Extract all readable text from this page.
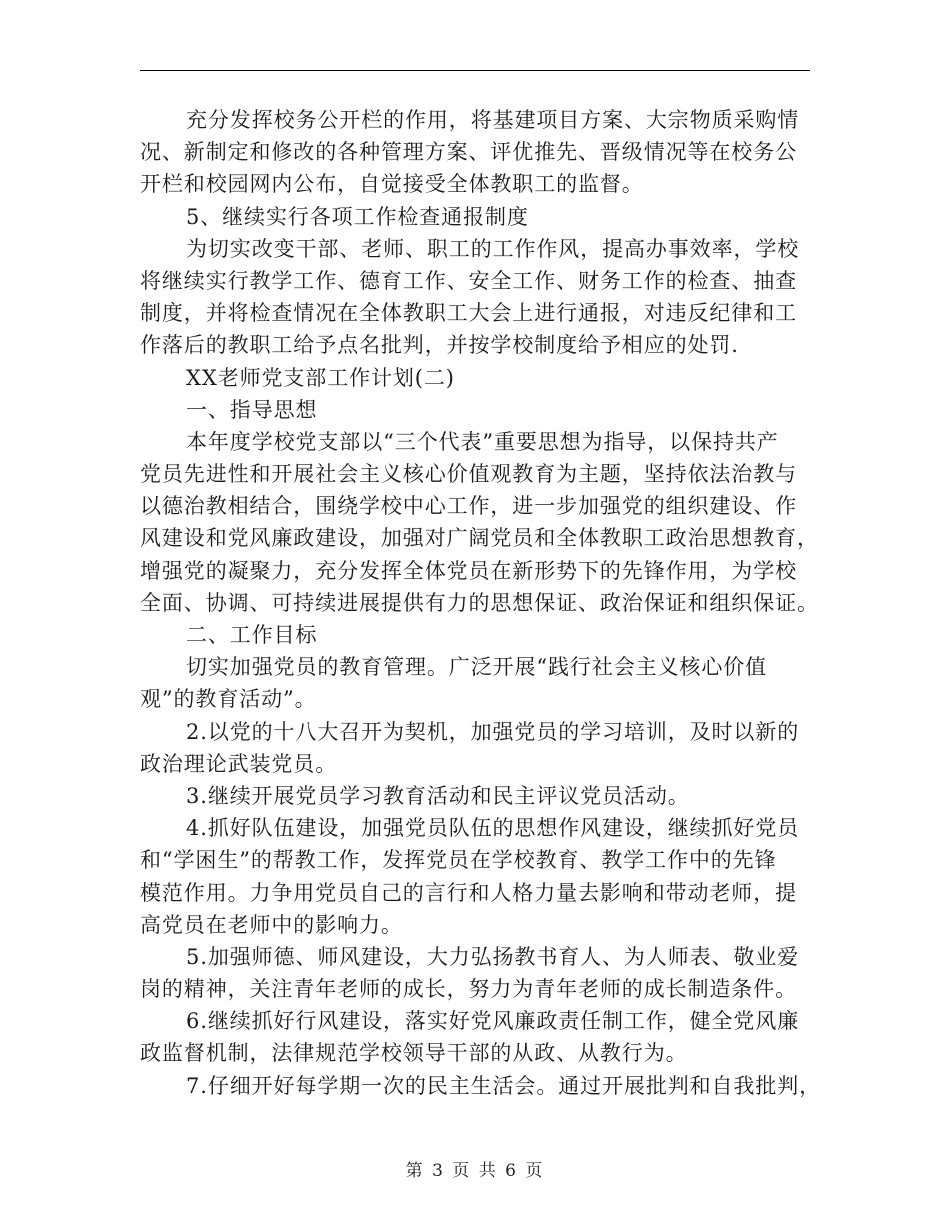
充分发挥校务公开栏的作用，将基建项目方案、大宗物质采购情
况、新制定和修改的各种管理方案、评优推先、晋级情况等在校务公
开栏和校园网内公布，自觉接受全体教职工的监督。
5、继续实行各项工作检查通报制度
为切实改变干部、老师、职工的工作作风，提高办事效率，学校
将继续实行教学工作、德育工作、安全工作、财务工作的检查、抽查
制度，并将检查情况在全体教职工大会上进行通报，对违反纪律和工
作落后的教职工给予点名批判，并按学校制度给予相应的处罚.
XX老师党支部工作计划(二)
一、指导思想
本年度学校党支部以“三个代表”重要思想为指导，以保持共产
党员先进性和开展社会主义核心价值观教育为主题，坚持依法治教与
以德治教相结合，围绕学校中心工作，进一步加强党的组织建设、作
风建设和党风廉政建设，加强对广阔党员和全体教职工政治思想教育，
增强党的凝聚力，充分发挥全体党员在新形势下的先锋作用，为学校
全面、协调、可持续进展提供有力的思想保证、政治保证和组织保证。
二、工作目标
切实加强党员的教育管理。广泛开展“践行社会主义核心价值
观”的教育活动”。
2.以党的十八大召开为契机，加强党员的学习培训，及时以新的
政治理论武装党员。
3.继续开展党员学习教育活动和民主评议党员活动。
4.抓好队伍建设，加强党员队伍的思想作风建设，继续抓好党员
和“学困生”的帮教工作，发挥党员在学校教育、教学工作中的先锋
模范作用。力争用党员自己的言行和人格力量去影响和带动老师，提
高党员在老师中的影响力。
5.加强师德、师风建设，大力弘扬教书育人、为人师表、敬业爱
岗的精神，关注青年老师的成长，努力为青年老师的成长制造条件。
6.继续抓好行风建设，落实好党风廉政责任制工作，健全党风廉
政监督机制，法律规范学校领导干部的从政、从教行为。
7.仔细开好每学期一次的民主生活会。通过开展批判和自我批判，
第 3 页 共 6 页
